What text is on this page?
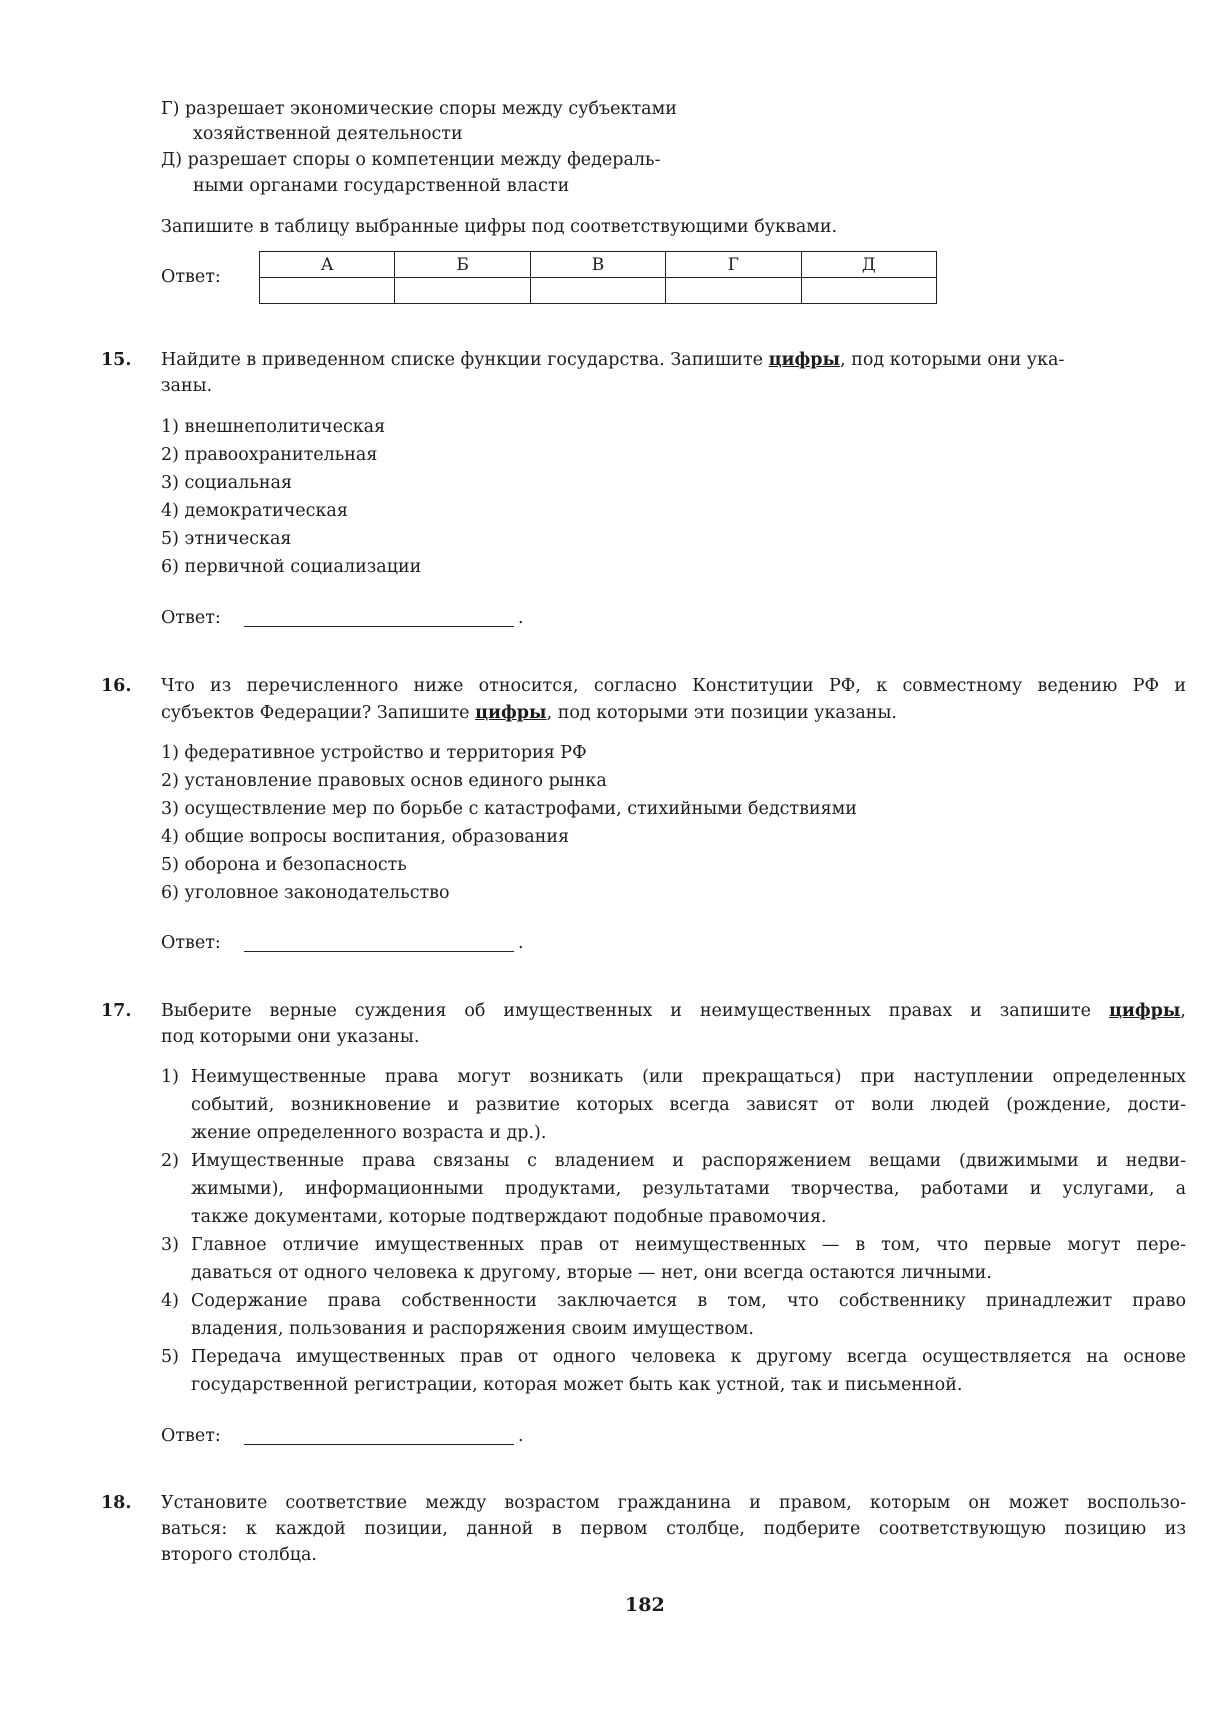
Г) разрешает экономические споры между субъектами
хозяйственной деятельности
Д) разрешает споры о компетенции между федераль-
ными органами государственной власти
Запишите в таблицу выбранные цифры под соответствующими буквами.
Ответ:
А	Б	В	Г	Д

15. Найдите в приведенном списке функции государства. Запишите цифры, под которыми они ука-
заны.
1) внешнеполитическая
2) правоохранительная
3) социальная
4) демократическая
5) этническая
6) первичной социализации
Ответ:	.
16. Что из перечисленного ниже относится, согласно Конституции РФ, к совместному ведению РФ и
субъектов Федерации? Запишите цифры, под которыми эти позиции указаны.
1) федеративное устройство и территория РФ
2) установление правовых основ единого рынка
3) осуществление мер по борьбе с катастрофами, стихийными бедствиями
4) общие вопросы воспитания, образования
5) оборона и безопасность
6) уголовное законодательство
Ответ:	.
17. Выберите верные суждения об имущественных и неимущественных правах и запишите цифры,
под которыми они указаны.
1) Неимущественные права могут возникать (или прекращаться) при наступлении определенных
событий, возникновение и развитие которых всегда зависят от воли людей (рождение, дости-
жение определенного возраста и др.).
2) Имущественные права связаны с владением и распоряжением вещами (движимыми и недви-
жимыми), информационными продуктами, результатами творчества, работами и услугами, а
также документами, которые подтверждают подобные правомочия.
3) Главное отличие имущественных прав от неимущественных — в том, что первые могут пере-
даваться от одного человека к другому, вторые — нет, они всегда остаются личными.
4) Содержание права собственности заключается в том, что собственнику принадлежит право
владения, пользования и распоряжения своим имуществом.
5) Передача имущественных прав от одного человека к другому всегда осуществляется на основе
государственной регистрации, которая может быть как устной, так и письменной.
Ответ:	.
18. Установите соответствие между возрастом гражданина и правом, которым он может воспользо-
ваться: к каждой позиции, данной в первом столбце, подберите соответствующую позицию из
второго столбца.
182
